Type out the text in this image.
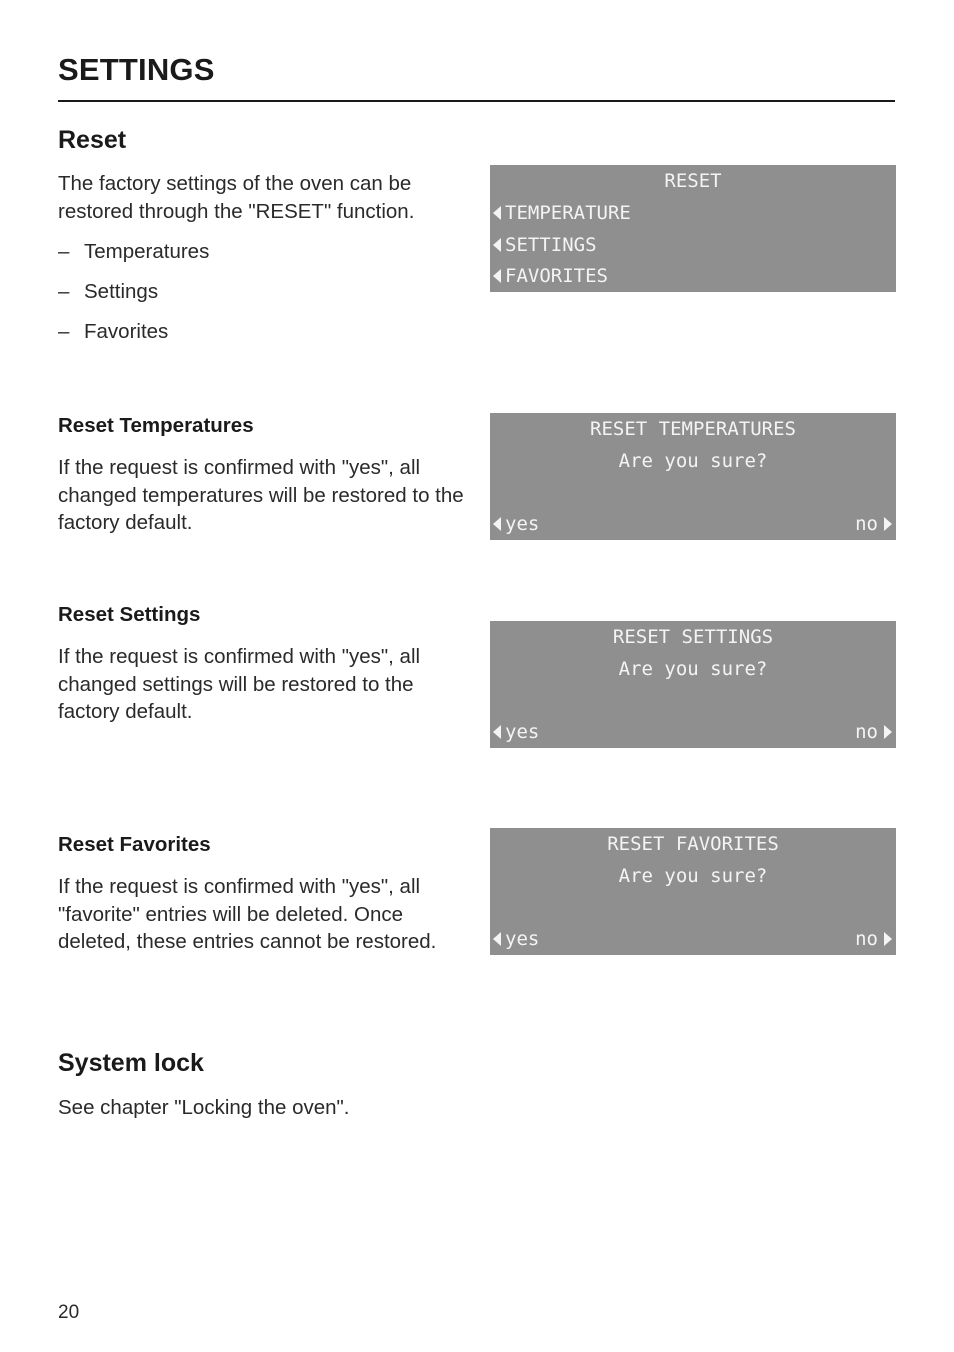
SETTINGS
Reset
The factory settings of the oven can be restored through the "RESET" function.
– Temperatures
– Settings
– Favorites
RESET
TEMPERATURE
SETTINGS
FAVORITES
Reset Temperatures
If the request is confirmed with "yes", all changed temperatures will be restored to the factory default.
RESET TEMPERATURES
Are you sure?
yes	no
Reset Settings
If the request is confirmed with "yes", all changed settings will be restored to the factory default.
RESET SETTINGS
Are you sure?
yes	no
Reset Favorites
If the request is confirmed with "yes", all "favorite" entries will be deleted. Once deleted, these entries cannot be restored.
RESET FAVORITES
Are you sure?
yes	no
System lock
See chapter "Locking the oven".
20
